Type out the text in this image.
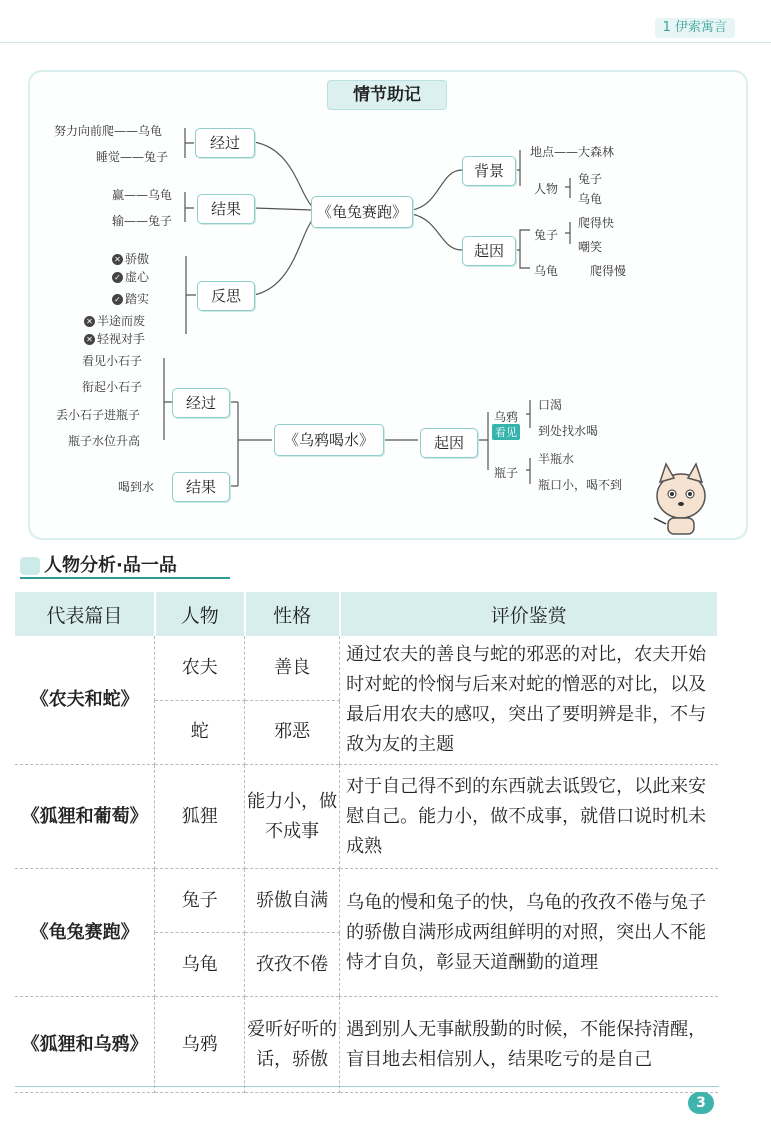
1 伊索寓言
情节助记
经过
结果
反思
《龟兔赛跑》
背景
起因
努力向前爬——乌龟
睡觉——兔子
赢——乌龟
输——兔子
✕ 骄傲
✓ 虚心
✓ 踏实
✕ 半途而废
✕ 轻视对手
地点——大森林
人物
兔子
乌龟
兔子
爬得快
嘲笑
乌龟	爬得慢
经过
结果
《乌鸦喝水》	起因
看见小石子
衔起小石子
丢小石子进瓶子
瓶子水位升高
喝到水
乌鸦
看见
瓶子
口渴
到处找水喝
半瓶水
瓶口小，喝不到
人物分析·品一品
代表篇目	人物	性格	评价鉴赏
《农夫和蛇》	农夫	善良	通过农夫的善良与蛇的邪恶的对比，农夫开始时对蛇的怜悯与后来对蛇的憎恶的对比，以及最后用农夫的感叹，突出了要明辨是非，不与敌为友的主题
	蛇	邪恶	
《狐狸和葡萄》	狐狸	能力小，做不成事	对于自己得不到的东西就去诋毁它，以此来安慰自己。能力小，做不成事，就借口说时机未成熟
《龟兔赛跑》	兔子	骄傲自满	乌龟的慢和兔子的快，乌龟的孜孜不倦与兔子的骄傲自满形成两组鲜明的对照，突出人不能恃才自负，彰显天道酬勤的道理
	乌龟	孜孜不倦	
《狐狸和乌鸦》	乌鸦	爱听好听的话，骄傲	遇到别人无事献殷勤的时候，不能保持清醒，盲目地去相信别人，结果吃亏的是自己
3
